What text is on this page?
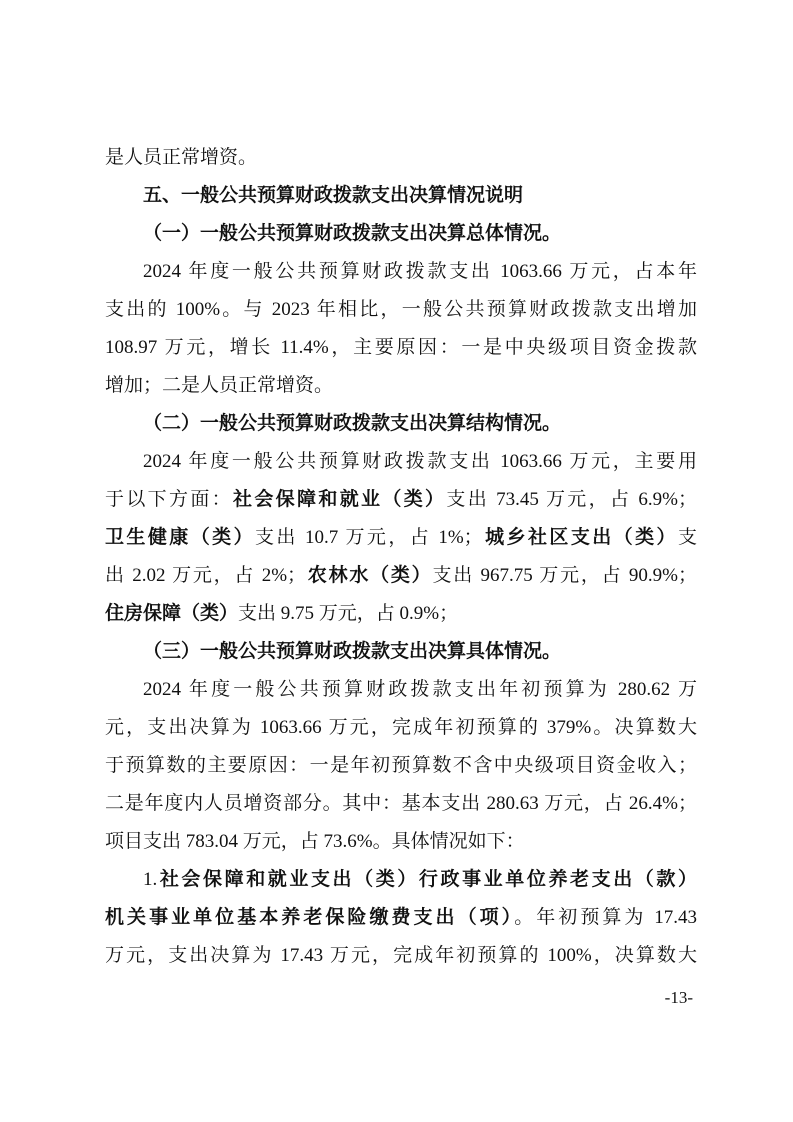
是人员正常增资。
五、一般公共预算财政拨款支出决算情况说明
（一）一般公共预算财政拨款支出决算总体情况。
2024 年度一般公共预算财政拨款支出 1063.66 万元，占本年
支出的 100%。与 2023 年相比，一般公共预算财政拨款支出增加
108.97 万元，增长 11.4%，主要原因：一是中央级项目资金拨款
增加；二是人员正常增资。
（二）一般公共预算财政拨款支出决算结构情况。
2024 年度一般公共预算财政拨款支出 1063.66 万元，主要用
于以下方面：社会保障和就业（类）支出 73.45 万元，占 6.9%；
卫生健康（类）支出 10.7 万元，占 1%；城乡社区支出（类）支
出 2.02 万元，占 2%；农林水（类）支出 967.75 万元，占 90.9%；
住房保障（类）支出 9.75 万元，占 0.9%；
（三）一般公共预算财政拨款支出决算具体情况。
2024 年度一般公共预算财政拨款支出年初预算为 280.62 万
元，支出决算为 1063.66 万元，完成年初预算的 379%。决算数大
于预算数的主要原因：一是年初预算数不含中央级项目资金收入；
二是年度内人员增资部分。其中：基本支出 280.63 万元，占 26.4%；
项目支出 783.04 万元，占 73.6%。具体情况如下：
1.社会保障和就业支出（类）行政事业单位养老支出（款）
机关事业单位基本养老保险缴费支出（项）。年初预算为 17.43
万元，支出决算为 17.43 万元，完成年初预算的 100%，决算数大
-13-
